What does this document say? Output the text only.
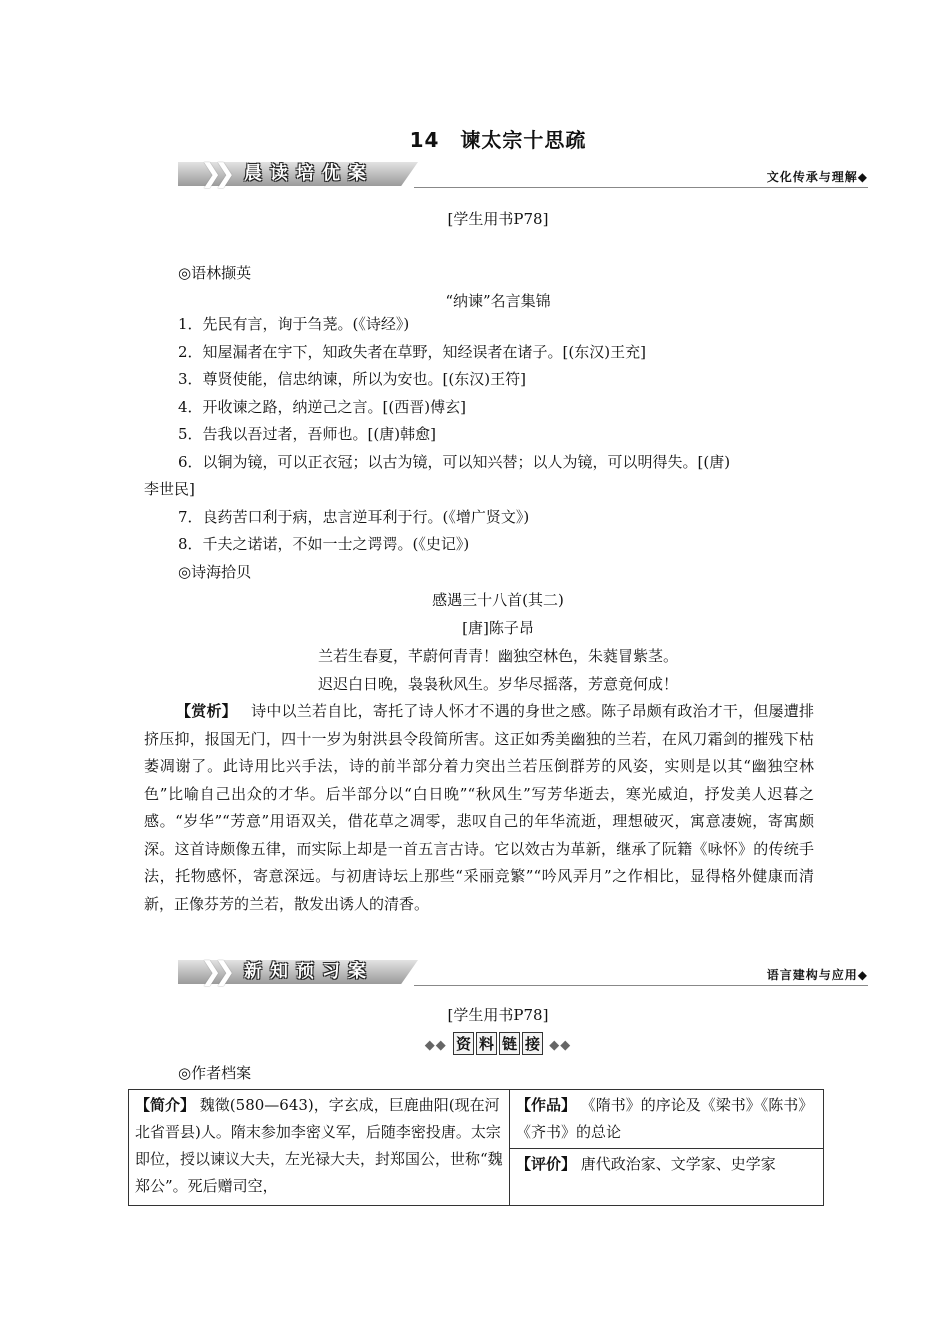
14　谏太宗十思疏
❯❯ 晨读培优案	文化传承与理解◆
[学生用书P78]
◎语林撷英
“纳谏”名言集锦
1．先民有言，询于刍荛。(《诗经》)
2．知屋漏者在宇下，知政失者在草野，知经误者在诸子。[(东汉)王充]
3．尊贤使能，信忠纳谏，所以为安也。[(东汉)王符]
4．开收谏之路，纳逆己之言。[(西晋)傅玄]
5．告我以吾过者，吾师也。[(唐)韩愈]
6．以铜为镜，可以正衣冠；以古为镜，可以知兴替；以人为镜，可以明得失。[(唐)
李世民]
7．良药苦口利于病，忠言逆耳利于行。(《增广贤文》)
8．千夫之诺诺，不如一士之谔谔。(《史记》)
◎诗海拾贝
感遇三十八首(其二)
[唐]陈子昂
兰若生春夏，芊蔚何青青！幽独空林色，朱蕤冒紫茎。
迟迟白日晚，袅袅秋风生。岁华尽摇落，芳意竟何成！
【赏析】 诗中以兰若自比，寄托了诗人怀才不遇的身世之感。陈子昂颇有政治才干，但屡遭排挤压抑，报国无门，四十一岁为射洪县令段简所害。这正如秀美幽独的兰若，在风刀霜剑的摧残下枯萎凋谢了。此诗用比兴手法，诗的前半部分着力突出兰若压倒群芳的风姿，实则是以其“幽独空林色”比喻自己出众的才华。后半部分以“白日晚”“秋风生”写芳华逝去，寒光威迫，抒发美人迟暮之感。“岁华”“芳意”用语双关，借花草之凋零，悲叹自己的年华流逝，理想破灭，寓意凄婉，寄寓颇深。这首诗颇像五律，而实际上却是一首五言古诗。它以效古为革新，继承了阮籍《咏怀》的传统手法，托物感怀，寄意深远。与初唐诗坛上那些“采丽竞繁”“吟风弄月”之作相比，显得格外健康而清新，正像芬芳的兰若，散发出诱人的清香。
❯❯ 新知预习案	语言建构与应用◆
[学生用书P78]
◆◆ 资 料 链 接 ◆◆
◎作者档案
【简介】 魏徵(580—643)，字玄成，巨鹿曲阳(现在河北省晋县)人。隋末参加李密义军，后随李密投唐。太宗即位，授以谏议大夫，左光禄大夫，封郑国公，世称“魏郑公”。死后赠司空，	【作品】 《隋书》的序论及《梁书》《陈书》《齐书》的总论
【评价】 唐代政治家、文学家、史学家
